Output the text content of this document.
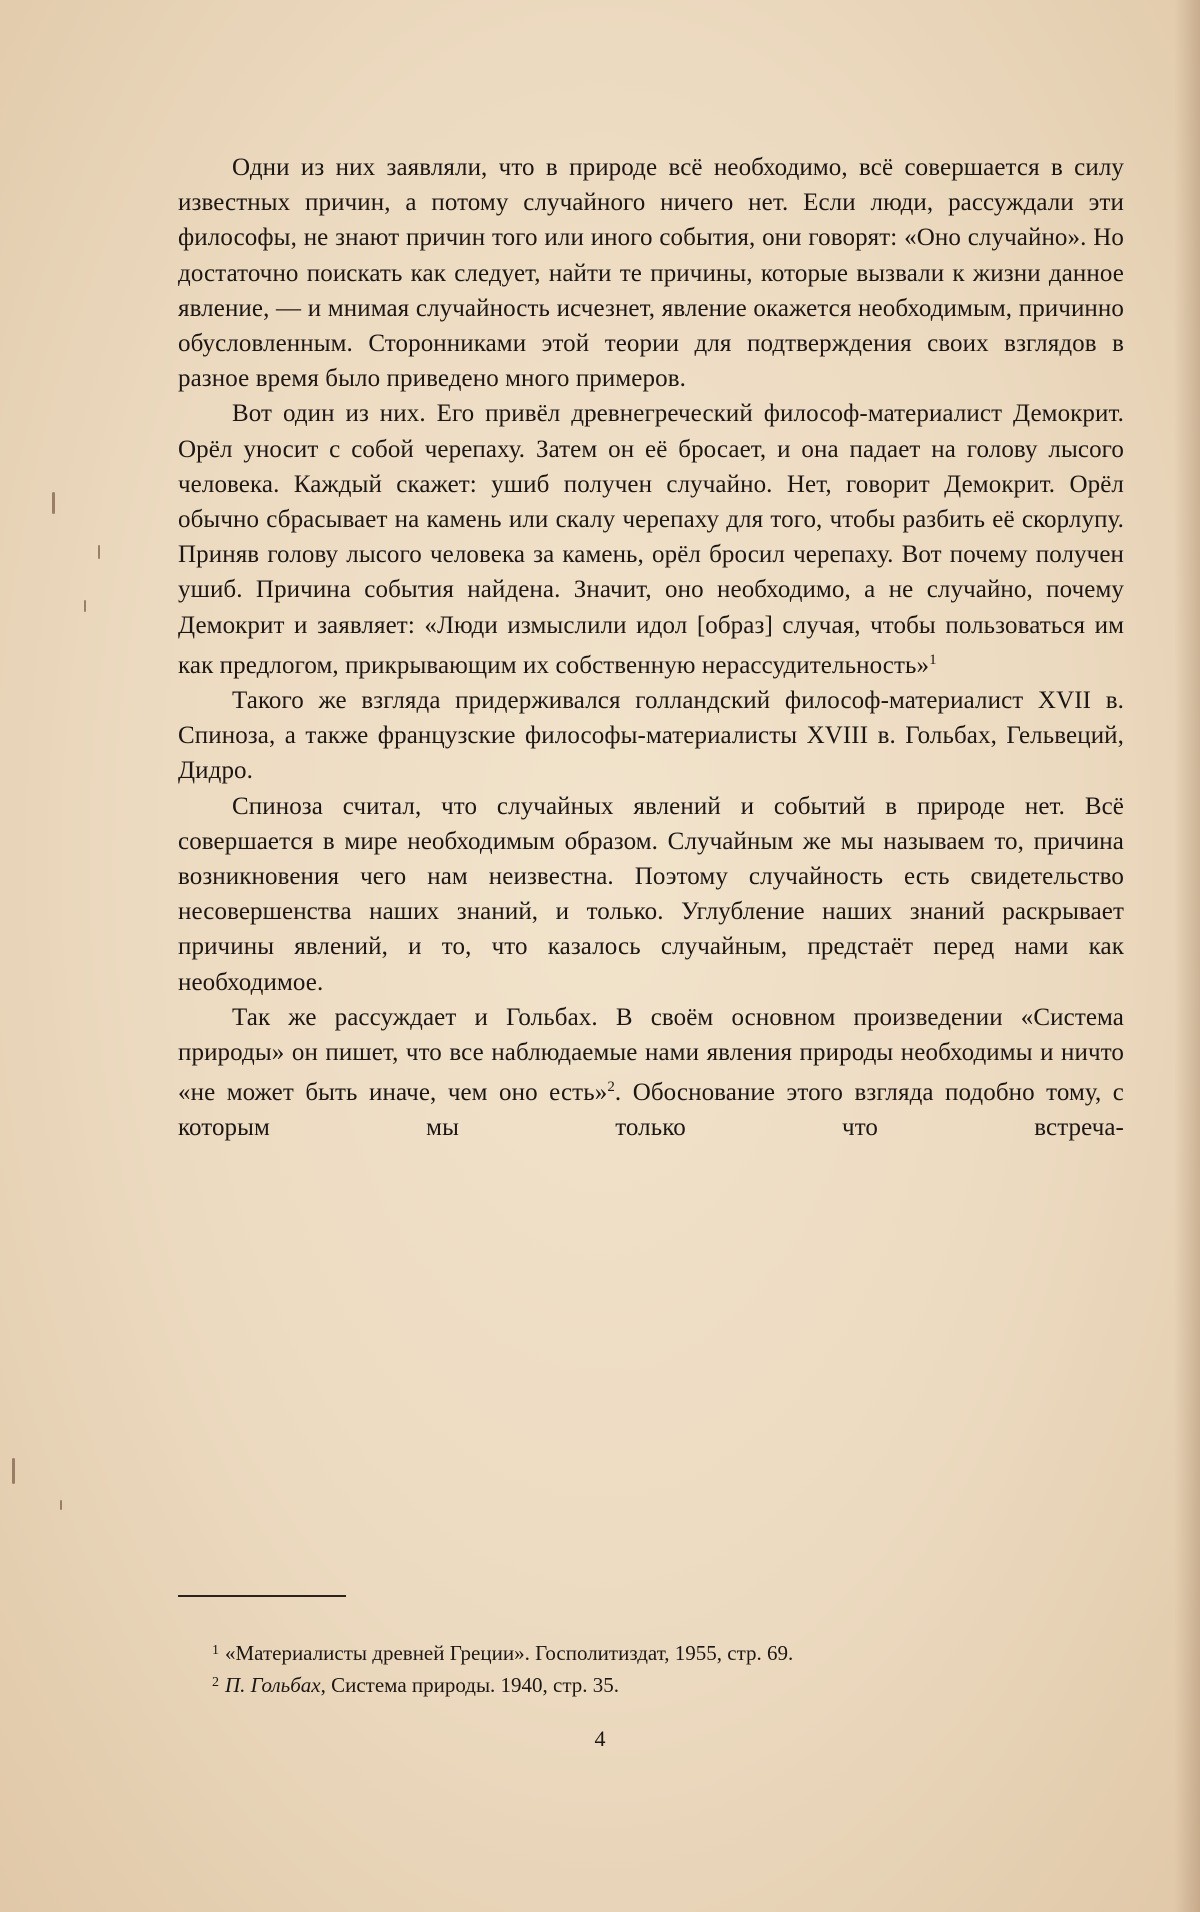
Одни из них заявляли, что в природе всё необходимо, всё совершается в силу известных причин, а потому случайного ничего нет. Если люди, рассуждали эти философы, не знают причин того или иного события, они говорят: «Оно случайно». Но достаточно поискать как следует, найти те причины, которые вызвали к жизни данное явление, — и мнимая случайность исчезнет, явление окажется необходимым, причинно обусловленным. Сторонниками этой теории для подтверждения своих взглядов в разное время было приведено много примеров.

Вот один из них. Его привёл древнегреческий философ-материалист Демокрит. Орёл уносит с собой черепаху. Затем он её бросает, и она падает на голову лысого человека. Каждый скажет: ушиб получен случайно. Нет, говорит Демокрит. Орёл обычно сбрасывает на камень или скалу черепаху для того, чтобы разбить её скорлупу. Приняв голову лысого человека за камень, орёл бросил черепаху. Вот почему получен ушиб. Причина события найдена. Значит, оно необходимо, а не случайно, почему Демокрит и заявляет: «Люди измыслили идол [образ] случая, чтобы пользоваться им как предлогом, прикрывающим их собственную нерассудительность»$^1$

Такого же взгляда придерживался голландский философ-материалист XVII в. Спиноза, а также французские философы-материалисты XVIII в. Гольбах, Гельвеций, Дидро.

Спиноза считал, что случайных явлений и событий в природе нет. Всё совершается в мире необходимым образом. Случайным же мы называем то, причина возникновения чего нам неизвестна. Поэтому случайность есть свидетельство несовершенства наших знаний, и только. Углубление наших знаний раскрывает причины явлений, и то, что казалось случайным, предстаёт перед нами как необходимое.

Так же рассуждает и Гольбах. В своём основном произведении «Система природы» он пишет, что все наблюдаемые нами явления природы необходимы и ничто «не может быть иначе, чем оно есть»$^2$. Обоснование этого взгляда подобно тому, с которым мы только что встреча-

$^1$ «Материалисты древней Греции». Госполитиздат, 1955, стр. 69.

$^2$ П. Гольбах, Система природы. 1940, стр. 35.

4
